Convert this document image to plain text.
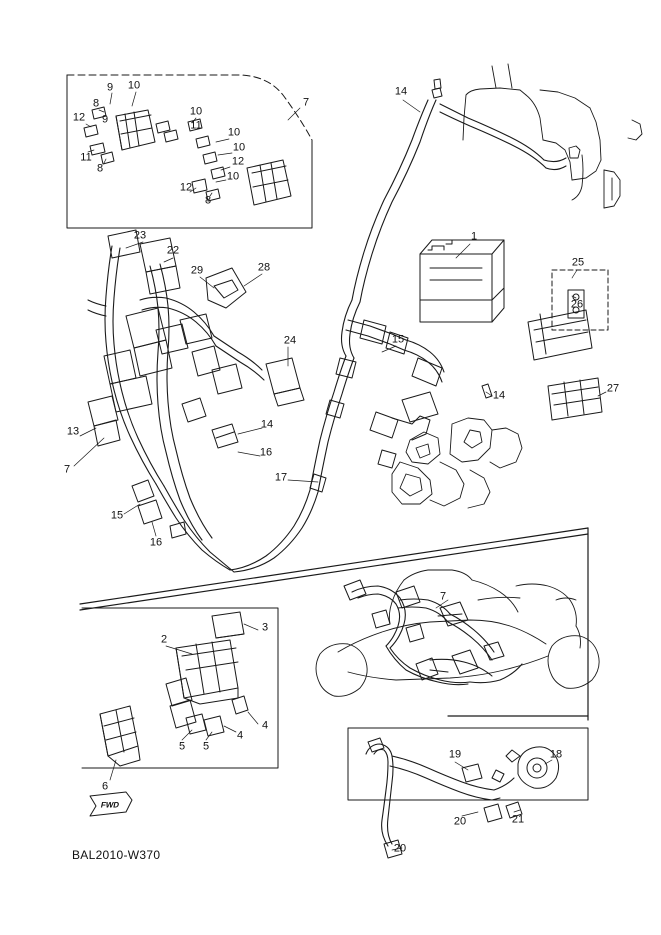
9 10
8
9
12
11
8
10
11
10
10
12
10
12
8
7
14
1
25
26
27
15
14
23
22
29	28
24
13
7
14
16
17
15
16
2
3
4
4
5 5
6
7
19	18
20	21
20
FWD
BAL2010-W370
